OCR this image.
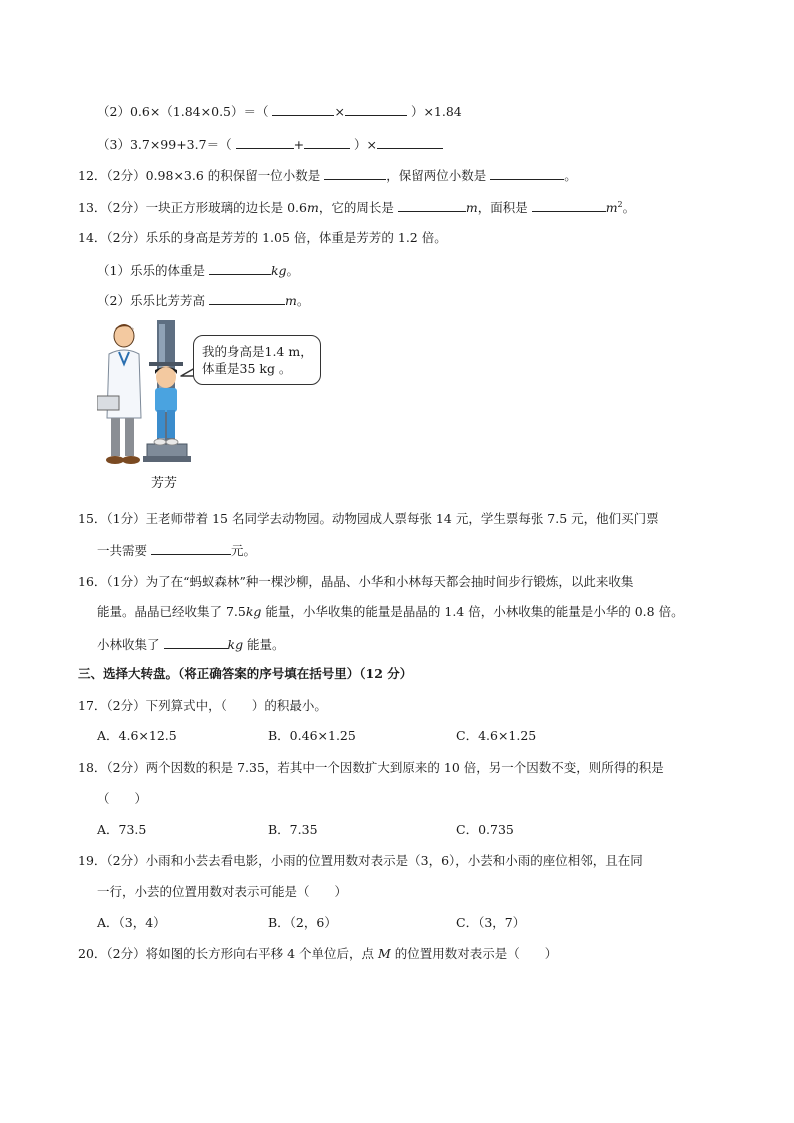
（2）0.6×（1.84×0.5）＝（	×	）×1.84
（3）3.7×99+3.7＝（	+	）×
12．（2分）0.98×3.6 的积保留一位小数是	，保留两位小数是	。
13．（2分）一块正方形玻璃的边长是 0.6m，它的周长是	m，面积是	$m^2$。
14．（2分）乐乐的身高是芳芳的 1.05 倍，体重是芳芳的 1.2 倍。
（1）乐乐的体重是	kg。
（2）乐乐比芳芳高	m。
我的身高是1.4 m，
体重是35 kg 。
芳芳
15．（1分）王老师带着 15 名同学去动物园。动物园成人票每张 14 元，学生票每张 7.5 元，他们买门票
一共需要	元。
16．（1分）为了在“蚂蚁森林”种一棵沙柳，晶晶、小华和小林每天都会抽时间步行锻炼，以此来收集
能量。晶晶已经收集了 7.5kg 能量，小华收集的能量是晶晶的 1.4 倍，小林收集的能量是小华的 0.8 倍。
小林收集了	kg 能量。
三、选择大转盘。（将正确答案的序号填在括号里）（12 分）
17．（2分）下列算式中，（　　）的积最小。
A．4.6×12.5	B．0.46×1.25	C．4.6×1.25
18．（2分）两个因数的积是 7.35，若其中一个因数扩大到原来的 10 倍，另一个因数不变，则所得的积是
（　　）
A．73.5	B．7.35	C．0.735
19．（2分）小雨和小芸去看电影，小雨的位置用数对表示是（3，6），小芸和小雨的座位相邻，且在同
一行，小芸的位置用数对表示可能是（　　）
A．（3，4）	B．（2，6）	C．（3，7）
20．（2分）将如图的长方形向右平移 4 个单位后，点 M 的位置用数对表示是（　　）
